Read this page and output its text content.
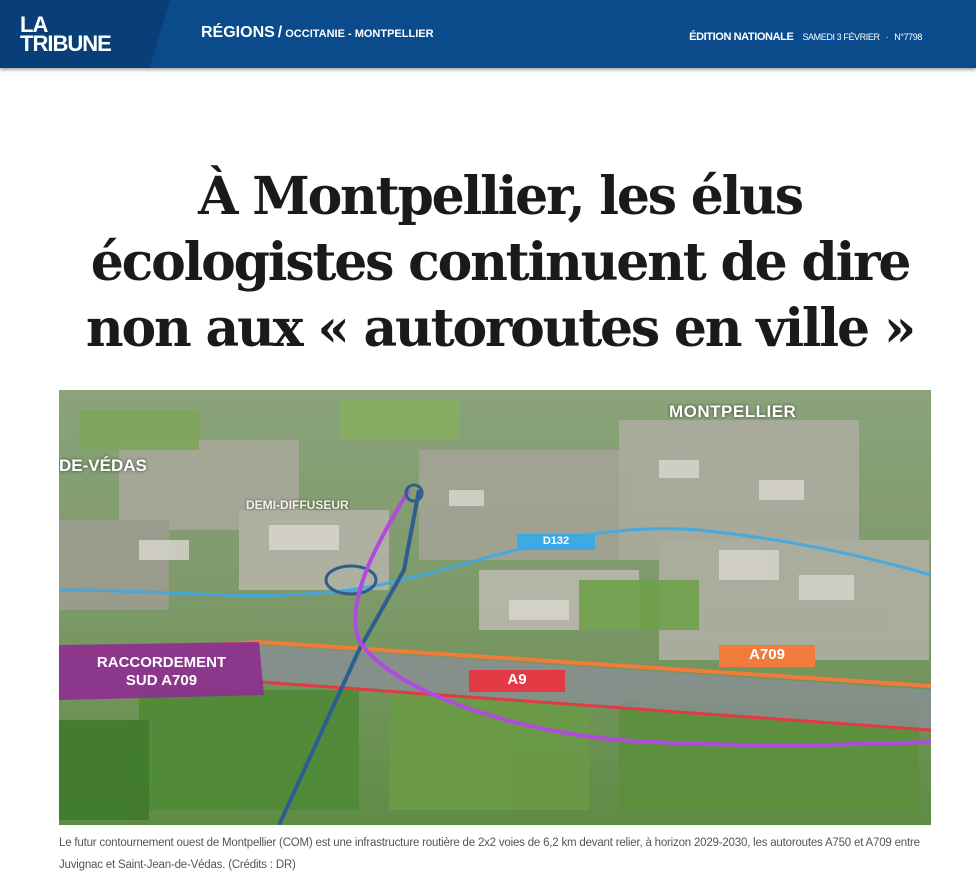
LA
TRIBUNE	RÉGIONS / OCCITANIE - MONTPELLIER	ÉDITION NATIONALE SAMEDI 3 FÉVRIER · N°7798
À Montpellier, les élus écologistes continuent de dire non aux « autoroutes en ville »
MONTPELLIER
DE-VÉDAS
DEMI-DIFFUSEUR
D132
A709
A9
RACCORDEMENT
SUD A709

Le futur contournement ouest de Montpellier (COM) est une infrastructure routière de 2x2 voies de 6,2 km devant relier, à horizon 2029-2030, les autoroutes A750 et A709 entre Juvignac et Saint-Jean-de-Védas. (Crédits : DR)
